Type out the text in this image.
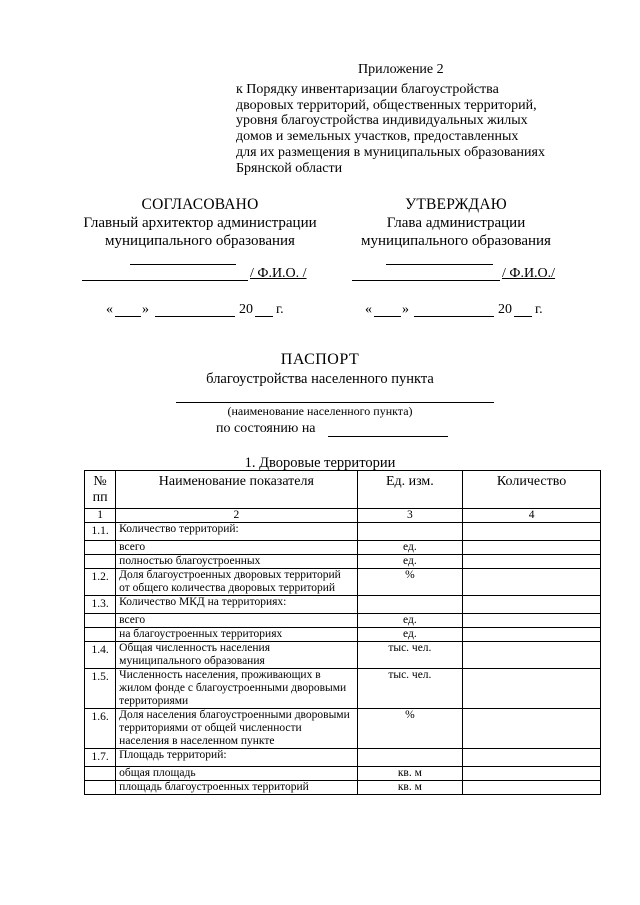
Приложение 2
к Порядку инвентаризации благоустройства
дворовых территорий, общественных территорий,
уровня благоустройства индивидуальных жилых
домов и земельных участков, предоставленных
для их размещения в муниципальных образованиях
Брянской области
СОГЛАСОВАНО
Главный архитектор администрации
муниципального образования
УТВЕРЖДАЮ
Глава администрации
муниципального образования
/ Ф.И.О. /	/ Ф.И.О./
« »	20 г.	« »	20 г.
ПАСПОРТ
благоустройства населенного пункта
(наименование населенного пункта)
по состоянию на
1. Дворовые территории
№ пп	Наименование показателя	Ед. изм.	Количество
1	2	3	4
1.1.	Количество территорий:		
	всего	ед.	
	полностью благоустроенных	ед.	
1.2.	Доля благоустроенных дворовых территорий от общего количества дворовых территорий	%	
1.3.	Количество МКД на территориях:		
	всего	ед.	
	на благоустроенных территориях	ед.	
1.4.	Общая численность населения муниципального образования	тыс. чел.	
1.5.	Численность населения, проживающих в жилом фонде с благоустроенными дворовыми территориями	тыс. чел.	
1.6.	Доля населения благоустроенными дворовыми территориями от общей численности населения в населенном пункте	%	
1.7.	Площадь территорий:		
	общая площадь	кв. м	
	площадь благоустроенных территорий	кв. м	
